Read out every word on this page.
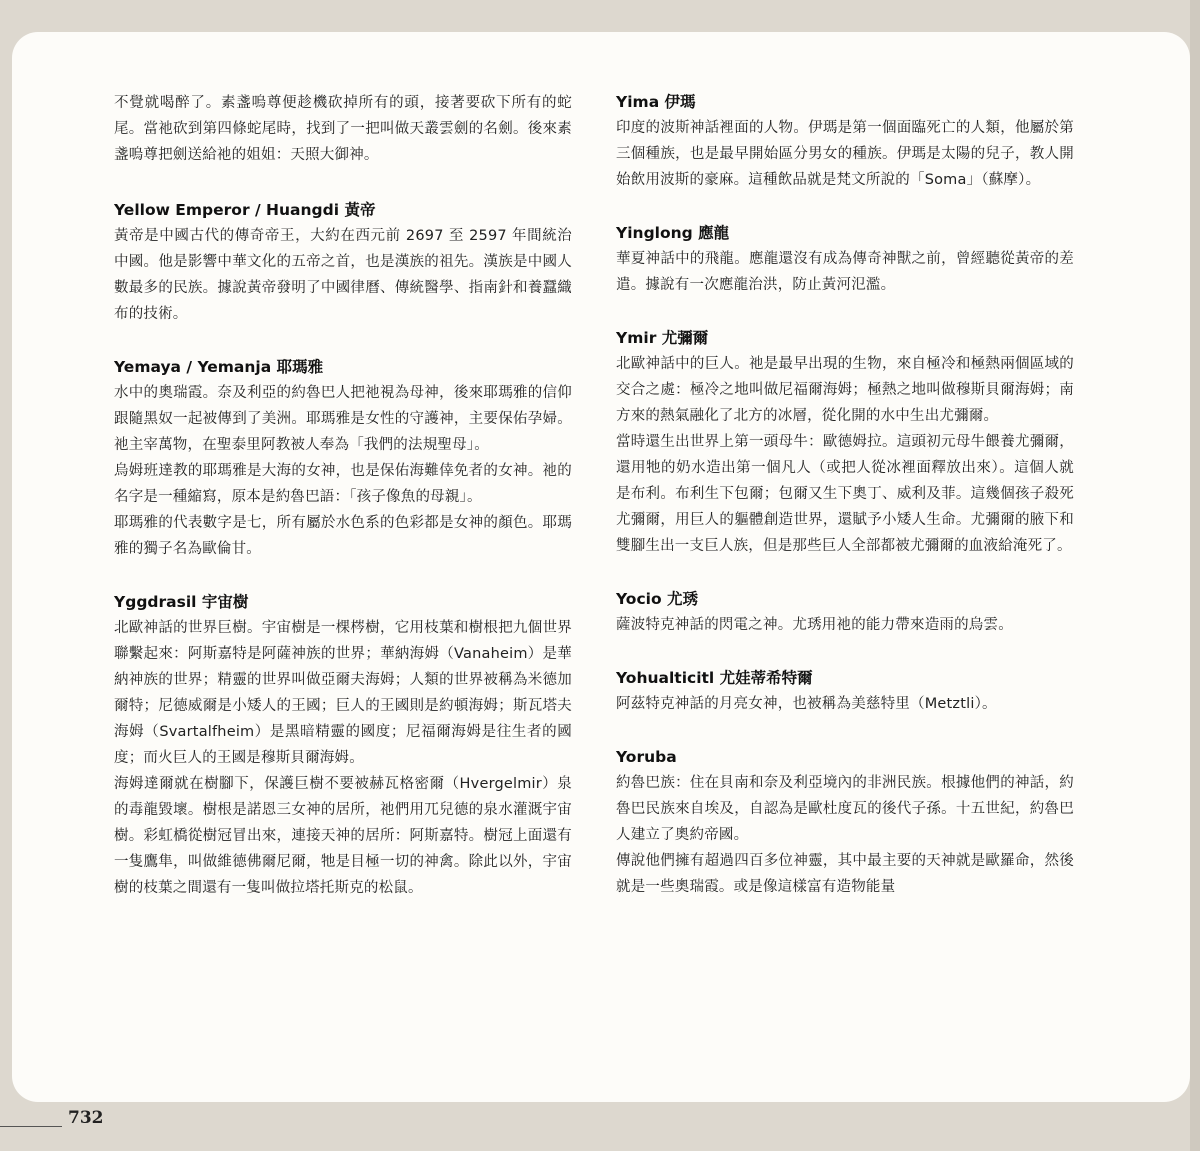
不覺就喝醉了。素盞嗚尊便趁機砍掉所有的頭，接著要砍下所有的蛇尾。當祂砍到第四條蛇尾時，找到了一把叫做天叢雲劍的名劍。後來素盞嗚尊把劍送給祂的姐姐：天照大御神。

Yellow Emperor / Huangdi 黃帝

黃帝是中國古代的傳奇帝王，大約在西元前 2697 至 2597 年間統治中國。他是影響中華文化的五帝之首，也是漢族的祖先。漢族是中國人數最多的民族。據說黃帝發明了中國律曆、傳統醫學、指南針和養蠶織布的技術。

Yemaya / Yemanja 耶瑪雅

水中的奧瑞霞。奈及利亞的約魯巴人把祂視為母神，後來耶瑪雅的信仰跟隨黑奴一起被傳到了美洲。耶瑪雅是女性的守護神，主要保佑孕婦。祂主宰萬物，在聖泰里阿教被人奉為「我們的法規聖母」。

烏姆班達教的耶瑪雅是大海的女神，也是保佑海難倖免者的女神。祂的名字是一種縮寫，原本是約魯巴語：「孩子像魚的母親」。

耶瑪雅的代表數字是七，所有屬於水色系的色彩都是女神的顏色。耶瑪雅的獨子名為歐倫甘。

Yggdrasil 宇宙樹

北歐神話的世界巨樹。宇宙樹是一棵梣樹，它用枝葉和樹根把九個世界聯繫起來：阿斯嘉特是阿薩神族的世界；華納海姆（Vanaheim）是華納神族的世界；精靈的世界叫做亞爾夫海姆；人類的世界被稱為米德加爾特；尼德威爾是小矮人的王國；巨人的王國則是約頓海姆；斯瓦塔夫海姆（Svartalfheim）是黑暗精靈的國度；尼福爾海姆是往生者的國度；而火巨人的王國是穆斯貝爾海姆。

海姆達爾就在樹腳下，保護巨樹不要被赫瓦格密爾（Hvergelmir）泉的毒龍毀壞。樹根是諾恩三女神的居所，祂們用兀兒德的泉水灌溉宇宙樹。彩虹橋從樹冠冒出來，連接天神的居所：阿斯嘉特。樹冠上面還有一隻鷹隼，叫做維德佛爾尼爾，牠是目極一切的神禽。除此以外，宇宙樹的枝葉之間還有一隻叫做拉塔托斯克的松鼠。

Yima 伊瑪

印度的波斯神話裡面的人物。伊瑪是第一個面臨死亡的人類，他屬於第三個種族，也是最早開始區分男女的種族。伊瑪是太陽的兒子，教人開始飲用波斯的豪麻。這種飲品就是梵文所說的「Soma」（蘇摩）。

Yinglong 應龍

華夏神話中的飛龍。應龍還沒有成為傳奇神獸之前，曾經聽從黃帝的差遣。據說有一次應龍治洪，防止黃河氾濫。

Ymir 尤彌爾

北歐神話中的巨人。祂是最早出現的生物，來自極冷和極熱兩個區域的交合之處：極冷之地叫做尼福爾海姆；極熱之地叫做穆斯貝爾海姆；南方來的熱氣融化了北方的冰層，從化開的水中生出尤彌爾。

當時還生出世界上第一頭母牛：歐德姆拉。這頭初元母牛餵養尤彌爾，還用牠的奶水造出第一個凡人（或把人從冰裡面釋放出來）。這個人就是布利。布利生下包爾；包爾又生下奧丁、威利及菲。這幾個孩子殺死尤彌爾，用巨人的軀體創造世界，還賦予小矮人生命。尤彌爾的腋下和雙腳生出一支巨人族，但是那些巨人全部都被尤彌爾的血液給淹死了。

Yocio 尤琇

薩波特克神話的閃電之神。尤琇用祂的能力帶來造雨的烏雲。

Yohualticitl 尤娃蒂希特爾

阿茲特克神話的月亮女神，也被稱為美慈特里（Metztli）。

Yoruba

約魯巴族：住在貝南和奈及利亞境內的非洲民族。根據他們的神話，約魯巴民族來自埃及，自認為是歐杜度瓦的後代子孫。十五世紀，約魯巴人建立了奧約帝國。

傳說他們擁有超過四百多位神靈，其中最主要的天神就是歐羅命，然後就是一些奧瑞霞。或是像這樣富有造物能量

732
